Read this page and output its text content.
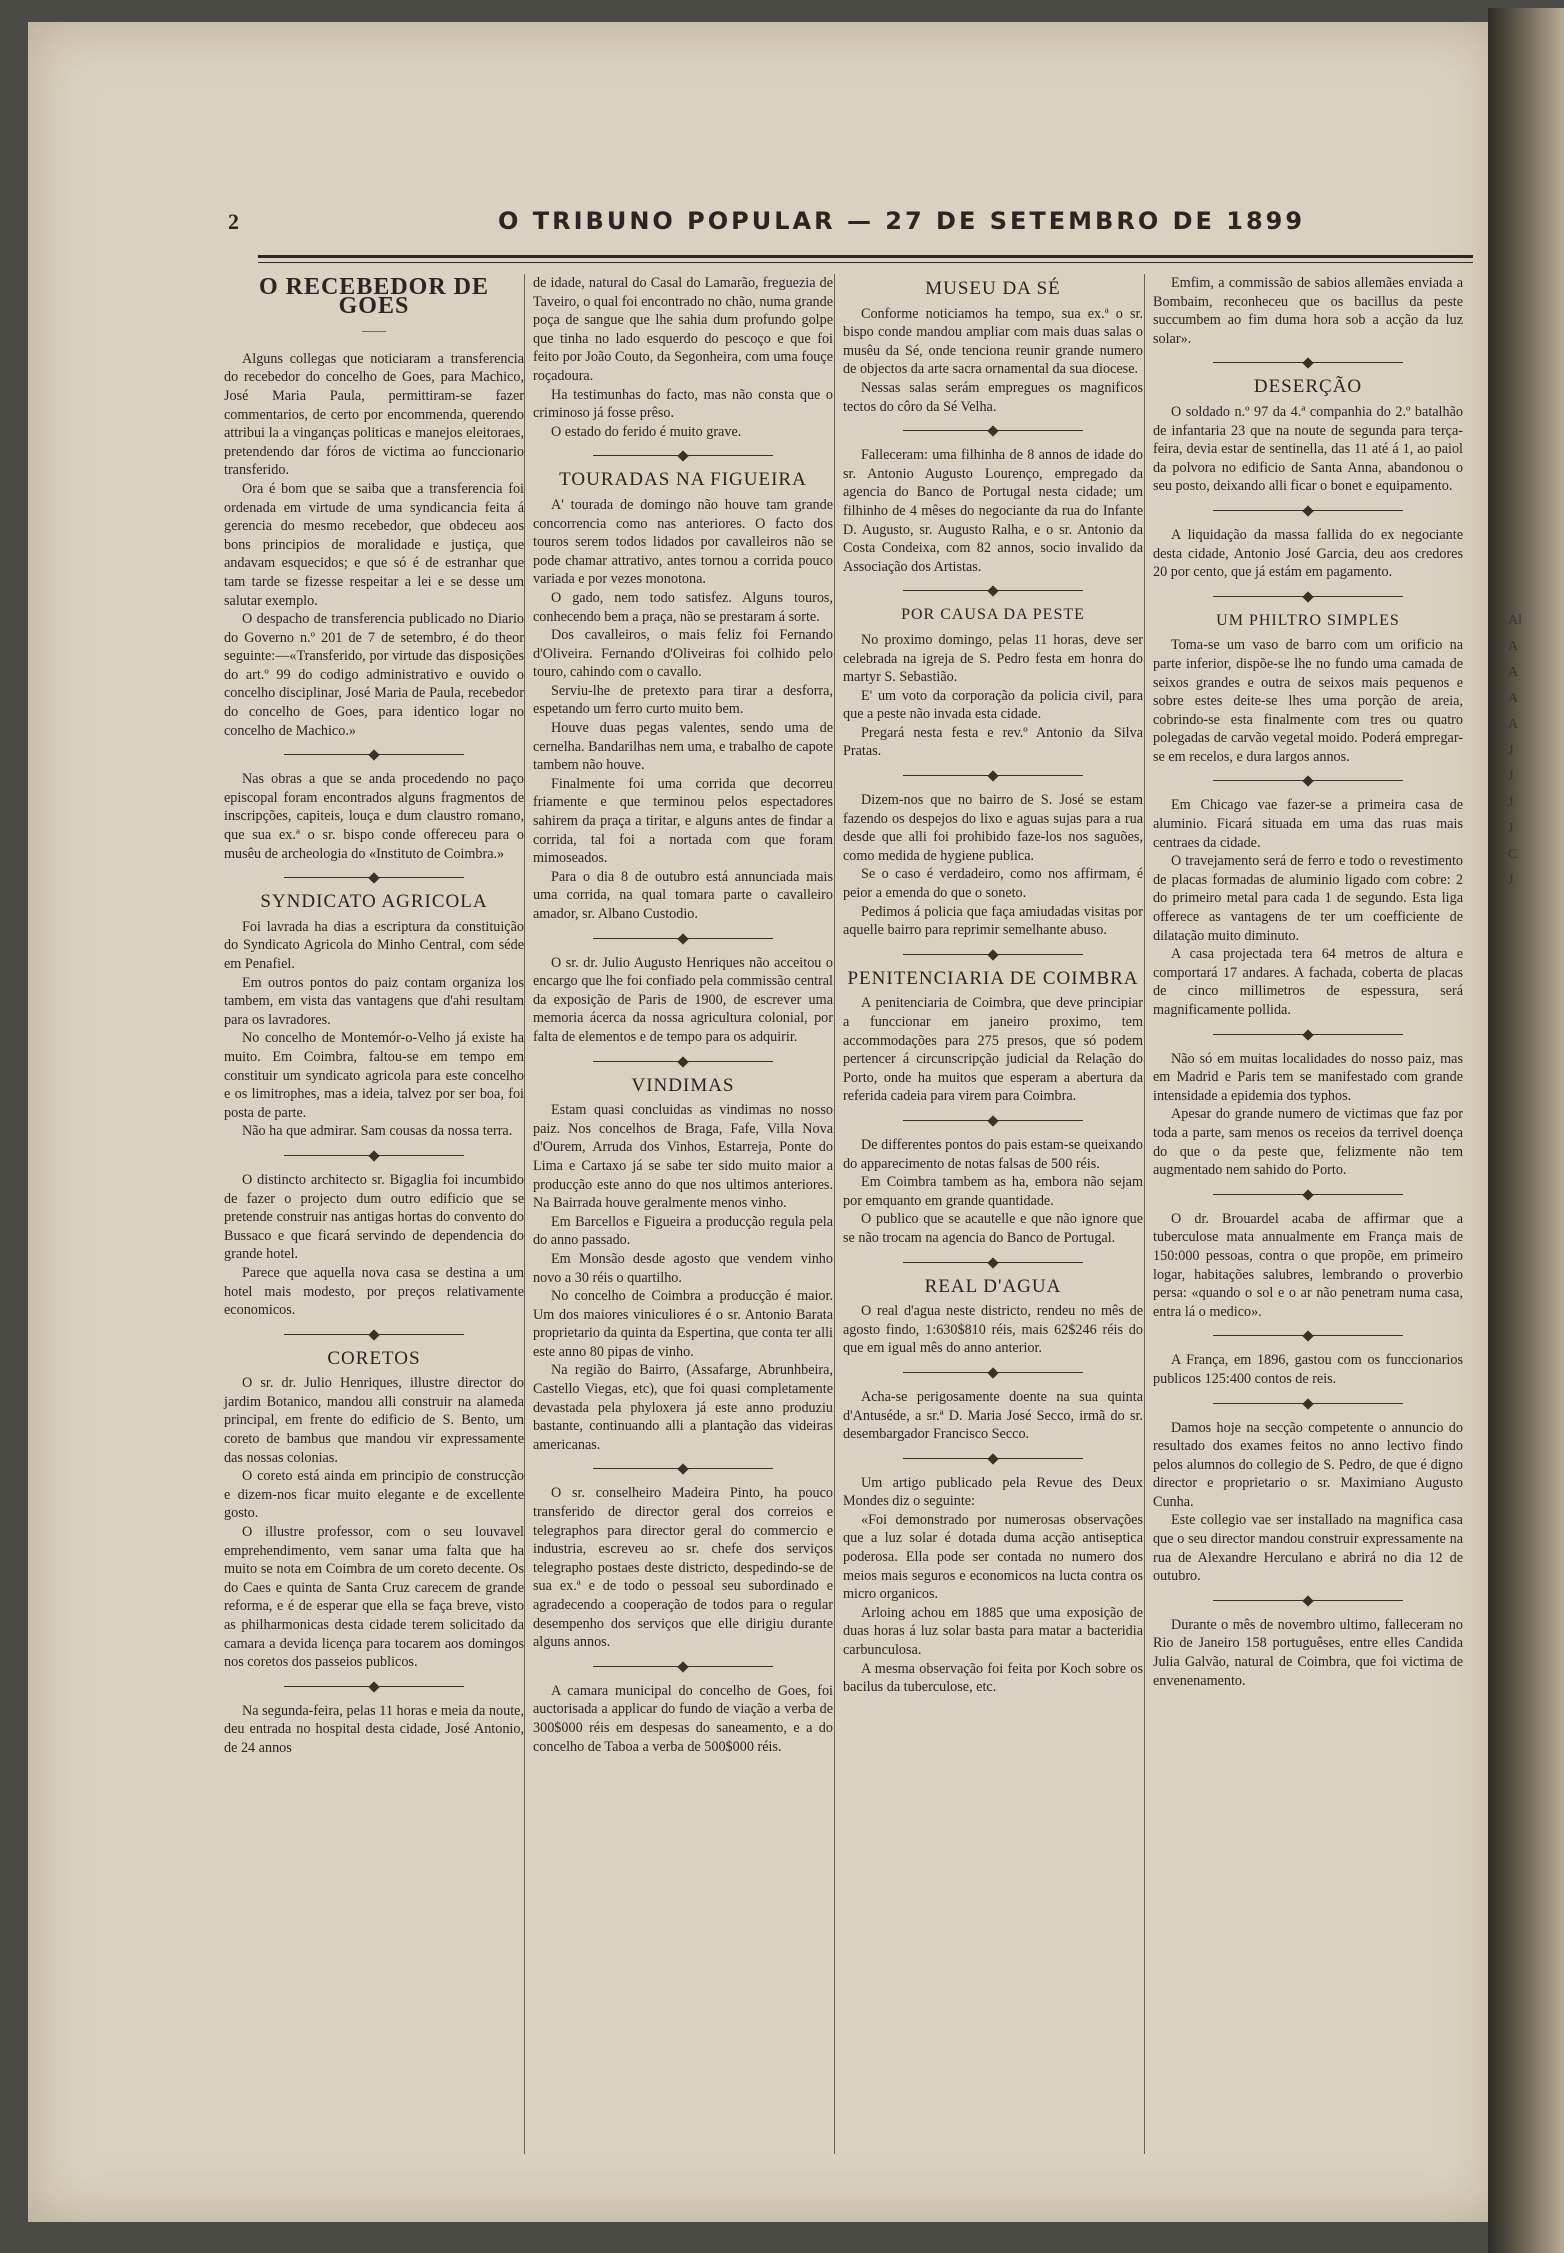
2	O TRIBUNO POPULAR — 27 DE SETEMBRO DE 1899
O RECEBEDOR DE GOES
——

Alguns collegas que noticiaram a transferencia do recebedor do concelho de Goes, para Machico, José Maria Paula, permittiram-se fazer commentarios, de certo por encommenda, querendo attribui la a vinganças politicas e manejos eleitoraes, pretendendo dar fóros de victima ao funccionario transferido.

Ora é bom que se saiba que a transferencia foi ordenada em virtude de uma syndicancia feita á gerencia do mesmo recebedor, que obdeceu aos bons principios de moralidade e justiça, que andavam esquecidos; e que só é de estranhar que tam tarde se fizesse respeitar a lei e se desse um salutar exemplo.

O despacho de transferencia publicado no Diario do Governo n.º 201 de 7 de setembro, é do theor seguinte:—«Transferido, por virtude das disposições do art.º 99 do codigo administrativo e ouvido o concelho disciplinar, José Maria de Paula, recebedor do concelho de Goes, para identico logar no concelho de Machico.»

Nas obras a que se anda procedendo no paço episcopal foram encontrados alguns fragmentos de inscripções, capiteis, louça e dum claustro romano, que sua ex.ª o sr. bispo conde offereceu para o musêu de archeologia do «Instituto de Coimbra.»

SYNDICATO AGRICOLA

Foi lavrada ha dias a escriptura da constituição do Syndicato Agricola do Minho Central, com séde em Penafiel.

Em outros pontos do paiz contam organiza los tambem, em vista das vantagens que d'ahi resultam para os lavradores.

No concelho de Montemór-o-Velho já existe ha muito. Em Coimbra, faltou-se em tempo em constituir um syndicato agricola para este concelho e os limitrophes, mas a ideia, talvez por ser boa, foi posta de parte.

Não ha que admirar. Sam cousas da nossa terra.

O distincto architecto sr. Bigaglia foi incumbido de fazer o projecto dum outro edificio que se pretende construir nas antigas hortas do convento do Bussaco e que ficará servindo de dependencia do grande hotel.

Parece que aquella nova casa se destina a um hotel mais modesto, por preços relativamente economicos.

CORETOS

O sr. dr. Julio Henriques, illustre director do jardim Botanico, mandou alli construir na alameda principal, em frente do edificio de S. Bento, um coreto de bambus que mandou vir expressamente das nossas colonias.

O coreto está ainda em principio de construcção e dizem-nos ficar muito elegante e de excellente gosto.

O illustre professor, com o seu louvavel emprehendimento, vem sanar uma falta que ha muito se nota em Coimbra de um coreto decente. Os do Caes e quinta de Santa Cruz carecem de grande reforma, e é de esperar que ella se faça breve, visto as philharmonicas desta cidade terem solicitado da camara a devida licença para tocarem aos domingos nos coretos dos passeios publicos.

Na segunda-feira, pelas 11 horas e meia da noute, deu entrada no hospital desta cidade, José Antonio, de 24 annos

de idade, natural do Casal do Lamarão, freguezia de Taveiro, o qual foi encontrado no chão, numa grande poça de sangue que lhe sahia dum profundo golpe que tinha no lado esquerdo do pescoço e que foi feito por João Couto, da Segonheira, com uma fouçe roçadoura.

Ha testimunhas do facto, mas não consta que o criminoso já fosse prêso.

O estado do ferido é muito grave.

TOURADAS NA FIGUEIRA

A' tourada de domingo não houve tam grande concorrencia como nas anteriores. O facto dos touros serem todos lidados por cavalleiros não se pode chamar attrativo, antes tornou a corrida pouco variada e por vezes monotona.

O gado, nem todo satisfez. Alguns touros, conhecendo bem a praça, não se prestaram á sorte.

Dos cavalleiros, o mais feliz foi Fernando d'Oliveira. Fernando d'Oliveiras foi colhido pelo touro, cahindo com o cavallo.

Serviu-lhe de pretexto para tirar a desforra, espetando um ferro curto muito bem.

Houve duas pegas valentes, sendo uma de cernelha. Bandarilhas nem uma, e trabalho de capote tambem não houve.

Finalmente foi uma corrida que decorreu friamente e que terminou pelos espectadores sahirem da praça a tiritar, e alguns antes de findar a corrida, tal foi a nortada com que foram mimoseados.

Para o dia 8 de outubro está annunciada mais uma corrida, na qual tomara parte o cavalleiro amador, sr. Albano Custodio.

O sr. dr. Julio Augusto Henriques não acceitou o encargo que lhe foi confiado pela commissão central da exposição de Paris de 1900, de escrever uma memoria ácerca da nossa agricultura colonial, por falta de elementos e de tempo para os adquirir.

VINDIMAS

Estam quasi concluidas as vindimas no nosso paiz. Nos concelhos de Braga, Fafe, Villa Nova d'Ourem, Arruda dos Vinhos, Estarreja, Ponte do Lima e Cartaxo já se sabe ter sido muito maior a producção este anno do que nos ultimos anteriores. Na Bairrada houve geralmente menos vinho.

Em Barcellos e Figueira a producção regula pela do anno passado.

Em Monsão desde agosto que vendem vinho novo a 30 réis o quartilho.

No concelho de Coimbra a producção é maior. Um dos maiores viniculiores é o sr. Antonio Barata proprietario da quinta da Espertina, que conta ter alli este anno 80 pipas de vinho.

Na região do Bairro, (Assafarge, Abrunhbeira, Castello Viegas, etc), que foi quasi completamente devastada pela phyloxera já este anno produziu bastante, continuando alli a plantação das videiras americanas.

O sr. conselheiro Madeira Pinto, ha pouco transferido de director geral dos correios e telegraphos para director geral do commercio e industria, escreveu ao sr. chefe dos serviços telegrapho postaes deste districto, despedindo-se de sua ex.ª e de todo o pessoal seu subordinado e agradecendo a cooperação de todos para o regular desempenho dos serviços que elle dirigiu durante alguns annos.

A camara municipal do concelho de Goes, foi auctorisada a applicar do fundo de viação a verba de 300$000 réis em despesas do saneamento, e a do concelho de Taboa a verba de 500$000 réis.

MUSEU DA SÉ

Conforme noticiamos ha tempo, sua ex.ª o sr. bispo conde mandou ampliar com mais duas salas o musêu da Sé, onde tenciona reunir grande numero de objectos da arte sacra ornamental da sua diocese.

Nessas salas serám empregues os magnificos tectos do côro da Sé Velha.

Falleceram: uma filhinha de 8 annos de idade do sr. Antonio Augusto Lourenço, empregado da agencia do Banco de Portugal nesta cidade; um filhinho de 4 mêses do negociante da rua do Infante D. Augusto, sr. Augusto Ralha, e o sr. Antonio da Costa Condeixa, com 82 annos, socio invalido da Associação dos Artistas.

POR CAUSA DA PESTE

No proximo domingo, pelas 11 horas, deve ser celebrada na igreja de S. Pedro festa em honra do martyr S. Sebastião.

E' um voto da corporação da policia civil, para que a peste não invada esta cidade.

Pregará nesta festa e rev.º Antonio da Silva Pratas.

Dizem-nos que no bairro de S. José se estam fazendo os despejos do lixo e aguas sujas para a rua desde que alli foi prohibido faze-los nos saguões, como medida de hygiene publica.

Se o caso é verdadeiro, como nos affirmam, é peior a emenda do que o soneto.

Pedimos á policia que faça amiudadas visitas por aquelle bairro para reprimir semelhante abuso.

PENITENCIARIA DE COIMBRA

A penitenciaria de Coimbra, que deve principiar a funccionar em janeiro proximo, tem accommodações para 275 presos, que só podem pertencer á circunscripção judicial da Relação do Porto, onde ha muitos que esperam a abertura da referida cadeia para virem para Coimbra.

De differentes pontos do pais estam-se queixando do apparecimento de notas falsas de 500 réis.

Em Coimbra tambem as ha, embora não sejam por emquanto em grande quantidade.

O publico que se acautelle e que não ignore que se não trocam na agencia do Banco de Portugal.

REAL D'AGUA

O real d'agua neste districto, rendeu no mês de agosto findo, 1:630$810 réis, mais 62$246 réis do que em igual mês do anno anterior.

Acha-se perigosamente doente na sua quinta d'Antuséde, a sr.ª D. Maria José Secco, irmã do sr. desembargador Francisco Secco.

Um artigo publicado pela Revue des Deux Mondes diz o seguinte:

«Foi demonstrado por numerosas observações que a luz solar é dotada duma acção antiseptica poderosa. Ella pode ser contada no numero dos meios mais seguros e economicos na lucta contra os micro organicos.

Arloing achou em 1885 que uma exposição de duas horas á luz solar basta para matar a bacteridia carbunculosa.

A mesma observação foi feita por Koch sobre os bacilus da tuberculose, etc.

Emfim, a commissão de sabios allemães enviada a Bombaim, reconheceu que os bacillus da peste succumbem ao fim duma hora sob a acção da luz solar».

DESERÇÃO

O soldado n.º 97 da 4.ª companhia do 2.º batalhão de infantaria 23 que na noute de segunda para terça-feira, devia estar de sentinella, das 11 até á 1, ao paiol da polvora no edificio de Santa Anna, abandonou o seu posto, deixando alli ficar o bonet e equipamento.

A liquidação da massa fallida do ex negociante desta cidade, Antonio José Garcia, deu aos credores 20 por cento, que já estám em pagamento.

UM PHILTRO SIMPLES

Toma-se um vaso de barro com um orificio na parte inferior, dispõe-se lhe no fundo uma camada de seixos grandes e outra de seixos mais pequenos e sobre estes deite-se lhes uma porção de areia, cobrindo-se esta finalmente com tres ou quatro polegadas de carvão vegetal moido. Poderá empregar-se em recelos, e dura largos annos.

Em Chicago vae fazer-se a primeira casa de aluminio. Ficará situada em uma das ruas mais centraes da cidade.

O travejamento será de ferro e todo o revestimento de placas formadas de aluminio ligado com cobre: 2 do primeiro metal para cada 1 de segundo. Esta liga offerece as vantagens de ter um coefficiente de dilatação muito diminuto.

A casa projectada tera 64 metros de altura e comportará 17 andares. A fachada, coberta de placas de cinco millimetros de espessura, será magnificamente pollida.

Não só em muitas localidades do nosso paiz, mas em Madrid e Paris tem se manifestado com grande intensidade a epidemia dos typhos.

Apesar do grande numero de victimas que faz por toda a parte, sam menos os receios da terrivel doença do que o da peste que, felizmente não tem augmentado nem sahido do Porto.

O dr. Brouardel acaba de affirmar que a tuberculose mata annualmente em França mais de 150:000 pessoas, contra o que propõe, em primeiro logar, habitações salubres, lembrando o proverbio persa: «quando o sol e o ar não penetram numa casa, entra lá o medico».

A França, em 1896, gastou com os funccionarios publicos 125:400 contos de reis.

Damos hoje na secção competente o annuncio do resultado dos exames feitos no anno lectivo findo pelos alumnos do collegio de S. Pedro, de que é digno director e proprietario o sr. Maximiano Augusto Cunha.

Este collegio vae ser installado na magnifica casa que o seu director mandou construir expressamente na rua de Alexandre Herculano e abrirá no dia 12 de outubro.

Durante o mês de novembro ultimo, falleceram no Rio de Janeiro 158 portuguêses, entre elles Candida Julia Galvão, natural de Coimbra, que foi victima de envenenamento.

Al
A
A
A
A
J
J
J
J
C
J
